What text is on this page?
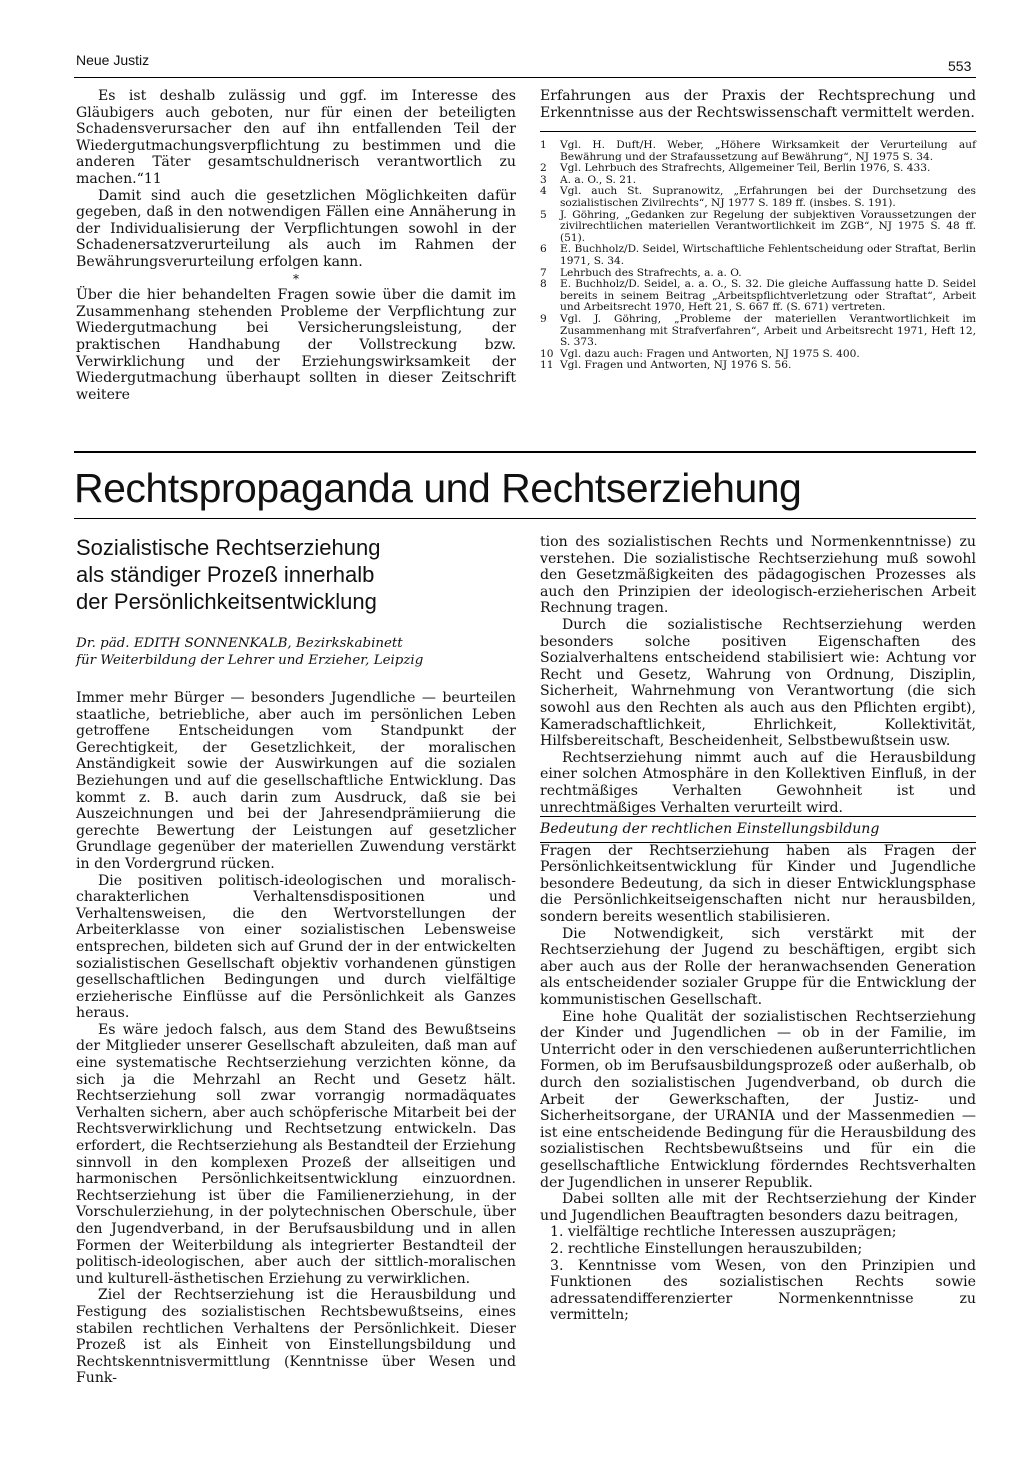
Neue Justiz	553

Es ist deshalb zulässig und ggf. im Interesse des Gläubigers auch geboten, nur für einen der beteiligten Schadensverursacher den auf ihn entfallenden Teil der Wiedergutmachungsverpflichtung zu bestimmen und die anderen Täter gesamtschuldnerisch verantwortlich zu machen.“11

Damit sind auch die gesetzlichen Möglichkeiten dafür gegeben, daß in den notwendigen Fällen eine Annäherung in der Individualisierung der Verpflichtungen sowohl in der Schadenersatzverurteilung als auch im Rahmen der Bewährungsverurteilung erfolgen kann.

*

Über die hier behandelten Fragen sowie über die damit im Zusammenhang stehenden Probleme der Verpflichtung zur Wiedergutmachung bei Versicherungsleistung, der praktischen Handhabung der Vollstreckung bzw. Verwirklichung und der Erziehungswirksamkeit der Wiedergutmachung überhaupt sollten in dieser Zeitschrift weitere

Erfahrungen aus der Praxis der Rechtsprechung und Erkenntnisse aus der Rechtswissenschaft vermittelt werden.

1	Vgl. H. Duft/H. Weber, „Höhere Wirksamkeit der Verurteilung auf Bewährung und der Strafaussetzung auf Bewährung“, NJ 1975 S. 34.
2	Vgl. Lehrbuch des Strafrechts, Allgemeiner Teil, Berlin 1976, S. 433.
3	A. a. O., S. 21.
4	Vgl. auch St. Supranowitz, „Erfahrungen bei der Durchsetzung des sozialistischen Zivilrechts“, NJ 1977 S. 189 ff. (insbes. S. 191).
5	J. Göhring, „Gedanken zur Regelung der subjektiven Voraussetzungen der zivilrechtlichen materiellen Verantwortlichkeit im ZGB“, NJ 1975 S. 48 ff. (51).
6	E. Buchholz/D. Seidel, Wirtschaftliche Fehlentscheidung oder Straftat, Berlin 1971, S. 34.
7	Lehrbuch des Strafrechts, a. a. O.
8	E. Buchholz/D. Seidel, a. a. O., S. 32. Die gleiche Auffassung hatte D. Seidel bereits in seinem Beitrag „Arbeitspflichtverletzung oder Straftat“, Arbeit und Arbeitsrecht 1970, Heft 21, S. 667 ff. (S. 671) vertreten.
9	Vgl. J. Göhring, „Probleme der materiellen Verantwortlichkeit im Zusammenhang mit Strafverfahren“, Arbeit und Arbeitsrecht 1971, Heft 12, S. 373.
10 Vgl. dazu auch: Fragen und Antworten, NJ 1975 S. 400.
11 Vgl. Fragen und Antworten, NJ 1976 S. 56.
Rechtspropaganda und Rechtserziehung
Sozialistische Rechtserziehung
als ständiger Prozeß innerhalb
der Persönlichkeitsentwicklung
Dr. päd. EDITH SONNENKALB, Bezirkskabinett
für Weiterbildung der Lehrer und Erzieher, Leipzig

Immer mehr Bürger — besonders Jugendliche — beurteilen staatliche, betriebliche, aber auch im persönlichen Leben getroffene Entscheidungen vom Standpunkt der Gerechtigkeit, der Gesetzlichkeit, der moralischen Anständigkeit sowie der Auswirkungen auf die sozialen Beziehungen und auf die gesellschaftliche Entwicklung. Das kommt z. B. auch darin zum Ausdruck, daß sie bei Auszeichnungen und bei der Jahresendprämiierung die gerechte Bewertung der Leistungen auf gesetzlicher Grundlage gegenüber der materiellen Zuwendung verstärkt in den Vordergrund rücken.

Die positiven politisch-ideologischen und moralisch-charakterlichen Verhaltensdispositionen und Verhaltensweisen, die den Wertvorstellungen der Arbeiterklasse von einer sozialistischen Lebensweise entsprechen, bildeten sich auf Grund der in der entwickelten sozialistischen Gesellschaft objektiv vorhandenen günstigen gesellschaftlichen Bedingungen und durch vielfältige erzieherische Einflüsse auf die Persönlichkeit als Ganzes heraus.

Es wäre jedoch falsch, aus dem Stand des Bewußtseins der Mitglieder unserer Gesellschaft abzuleiten, daß man auf eine systematische Rechtserziehung verzichten könne, da sich ja die Mehrzahl an Recht und Gesetz hält. Rechtserziehung soll zwar vorrangig normadäquates Verhalten sichern, aber auch schöpferische Mitarbeit bei der Rechtsverwirklichung und Rechtsetzung entwickeln. Das erfordert, die Rechtserziehung als Bestandteil der Erziehung sinnvoll in den komplexen Prozeß der allseitigen und harmonischen Persönlichkeitsentwicklung einzuordnen. Rechtserziehung ist über die Familienerziehung, in der Vorschulerziehung, in der polytechnischen Oberschule, über den Jugendverband, in der Berufsausbildung und in allen Formen der Weiterbildung als integrierter Bestandteil der politisch-ideologischen, aber auch der sittlich-moralischen und kulturell-ästhetischen Erziehung zu verwirklichen.

Ziel der Rechtserziehung ist die Herausbildung und Festigung des sozialistischen Rechtsbewußtseins, eines stabilen rechtlichen Verhaltens der Persönlichkeit. Dieser Prozeß ist als Einheit von Einstellungsbildung und Rechtskenntnisvermittlung (Kenntnisse über Wesen und Funk-

tion des sozialistischen Rechts und Normenkenntnisse) zu verstehen. Die sozialistische Rechtserziehung muß sowohl den Gesetzmäßigkeiten des pädagogischen Prozesses als auch den Prinzipien der ideologisch-erzieherischen Arbeit Rechnung tragen.

Durch die sozialistische Rechtserziehung werden besonders solche positiven Eigenschaften des Sozialverhaltens entscheidend stabilisiert wie: Achtung vor Recht und Gesetz, Wahrung von Ordnung, Disziplin, Sicherheit, Wahrnehmung von Verantwortung (die sich sowohl aus den Rechten als auch aus den Pflichten ergibt), Kameradschaftlichkeit, Ehrlichkeit, Kollektivität, Hilfsbereitschaft, Bescheidenheit, Selbstbewußtsein usw.

Rechtserziehung nimmt auch auf die Herausbildung einer solchen Atmosphäre in den Kollektiven Einfluß, in der rechtmäßiges Verhalten Gewohnheit ist und unrechtmäßiges Verhalten verurteilt wird.

Bedeutung der rechtlichen Einstellungsbildung

Fragen der Rechtserziehung haben als Fragen der Persönlichkeitsentwicklung für Kinder und Jugendliche besondere Bedeutung, da sich in dieser Entwicklungsphase die Persönlichkeitseigenschaften nicht nur herausbilden, sondern bereits wesentlich stabilisieren.

Die Notwendigkeit, sich verstärkt mit der Rechtserziehung der Jugend zu beschäftigen, ergibt sich aber auch aus der Rolle der heranwachsenden Generation als entscheidender sozialer Gruppe für die Entwicklung der kommunistischen Gesellschaft.

Eine hohe Qualität der sozialistischen Rechtserziehung der Kinder und Jugendlichen — ob in der Familie, im Unterricht oder in den verschiedenen außerunterrichtlichen Formen, ob im Berufsausbildungsprozeß oder außerhalb, ob durch den sozialistischen Jugendverband, ob durch die Arbeit der Gewerkschaften, der Justiz- und Sicherheitsorgane, der URANIA und der Massenmedien — ist eine entscheidende Bedingung für die Herausbildung des sozialistischen Rechtsbewußtseins und für ein die gesellschaftliche Entwicklung förderndes Rechtsverhalten der Jugendlichen in unserer Republik.

Dabei sollten alle mit der Rechtserziehung der Kinder und Jugendlichen Beauftragten besonders dazu beitragen,

1. vielfältige rechtliche Interessen auszuprägen;

2. rechtliche Einstellungen herauszubilden;

3. Kenntnisse vom Wesen, von den Prinzipien und Funktionen des sozialistischen Rechts sowie adressatendifferenzierter Normenkenntnisse zu vermitteln;
